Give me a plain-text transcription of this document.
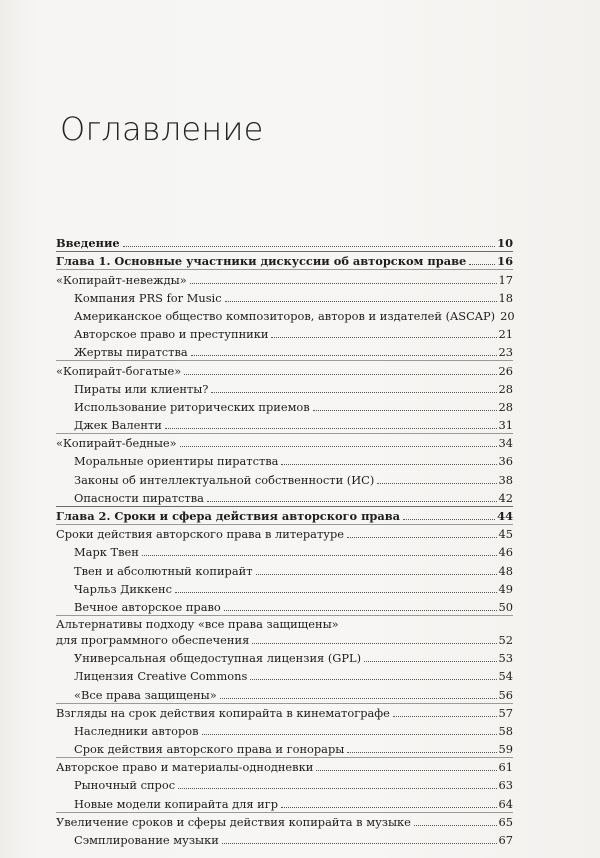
Оглавление
Введение	10
Глава 1. Основные участники дискуссии об авторском праве	16
«Копирайт-невежды»	17
Компания PRS for Music	18
Американское общество композиторов, авторов и издателей (ASCAP) 20
Авторское право и преступники	21
Жертвы пиратства	23
«Копирайт-богатые»	26
Пираты или клиенты?	28
Использование риторических приемов	28
Джек Валенти	31
«Копирайт-бедные»	34
Моральные ориентиры пиратства	36
Законы об интеллектуальной собственности (ИС)	38
Опасности пиратства	42
Глава 2. Сроки и сфера действия авторского права	44
Сроки действия авторского права в литературе	45
Марк Твен	46
Твен и абсолютный копирайт	48
Чарльз Диккенс	49
Вечное авторское право	50
Альтернативы подходу «все права защищены»
для программного обеспечения	52
Универсальная общедоступная лицензия (GPL)	53
Лицензия Creative Commons	54
«Все права защищены»	56
Взгляды на срок действия копирайта в кинематографе	57
Наследники авторов	58
Срок действия авторского права и гонорары	59
Авторское право и материалы-однодневки	61
Рыночный спрос	63
Новые модели копирайта для игр	64
Увеличение сроков и сферы действия копирайта в музыке	65
Сэмплирование музыки	67
